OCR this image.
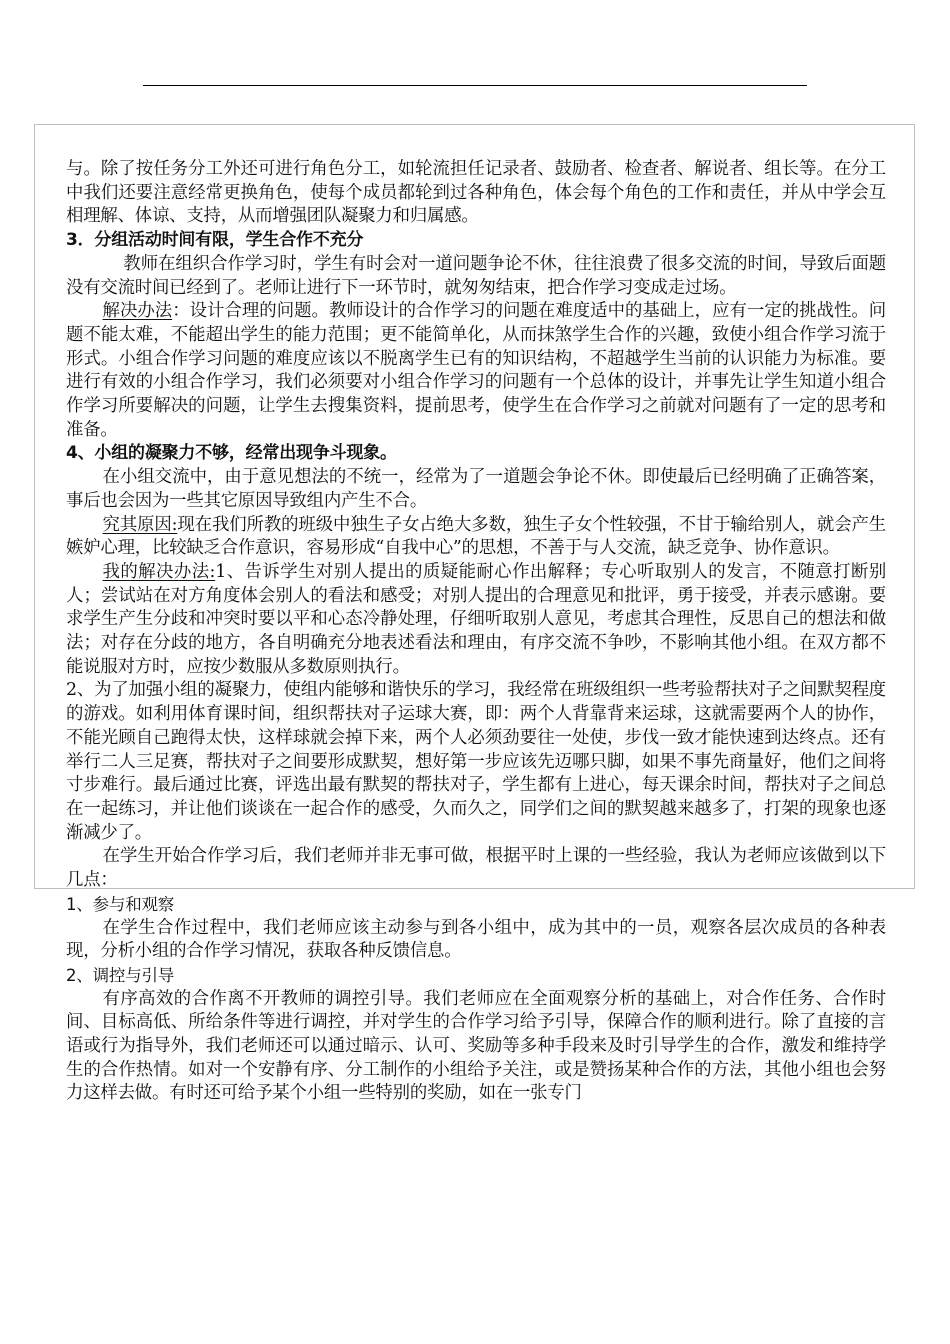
与。除了按任务分工外还可进行角色分工，如轮流担任记录者、鼓励者、检查者、解说者、组长等。在分工中我们还要注意经常更换角色，使每个成员都轮到过各种角色，体会每个角色的工作和责任，并从中学会互相理解、体谅、支持，从而增强团队凝聚力和归属感。

3．分组活动时间有限，学生合作不充分

教师在组织合作学习时，学生有时会对一道问题争论不休，往往浪费了很多交流的时间，导致后面题没有交流时间已经到了。老师让进行下一环节时，就匆匆结束，把合作学习变成走过场。

解决办法：设计合理的问题。教师设计的合作学习的问题在难度适中的基础上，应有一定的挑战性。问题不能太难，不能超出学生的能力范围；更不能简单化，从而抹煞学生合作的兴趣，致使小组合作学习流于形式。小组合作学习问题的难度应该以不脱离学生已有的知识结构，不超越学生当前的认识能力为标准。要进行有效的小组合作学习，我们必须要对小组合作学习的问题有一个总体的设计，并事先让学生知道小组合作学习所要解决的问题，让学生去搜集资料，提前思考，使学生在合作学习之前就对问题有了一定的思考和准备。

4、小组的凝聚力不够，经常出现争斗现象。

在小组交流中，由于意见想法的不统一，经常为了一道题会争论不休。即使最后已经明确了正确答案，事后也会因为一些其它原因导致组内产生不合。

究其原因:现在我们所教的班级中独生子女占绝大多数，独生子女个性较强，不甘于输给别人，就会产生嫉妒心理，比较缺乏合作意识，容易形成“自我中心”的思想，不善于与人交流，缺乏竞争、协作意识。

我的解决办法:1、告诉学生对别人提出的质疑能耐心作出解释；专心听取别人的发言，不随意打断别人；尝试站在对方角度体会别人的看法和感受；对别人提出的合理意见和批评，勇于接受，并表示感谢。要求学生产生分歧和冲突时要以平和心态冷静处理，仔细听取别人意见，考虑其合理性，反思自己的想法和做法；对存在分歧的地方，各自明确充分地表述看法和理由，有序交流不争吵，不影响其他小组。在双方都不能说服对方时，应按少数服从多数原则执行。

2、为了加强小组的凝聚力，使组内能够和谐快乐的学习，我经常在班级组织一些考验帮扶对子之间默契程度的游戏。如利用体育课时间，组织帮扶对子运球大赛，即：两个人背靠背来运球，这就需要两个人的协作，不能光顾自己跑得太快，这样球就会掉下来，两个人必须劲要往一处使，步伐一致才能快速到达终点。还有举行二人三足赛，帮扶对子之间要形成默契，想好第一步应该先迈哪只脚，如果不事先商量好，他们之间将寸步难行。最后通过比赛，评选出最有默契的帮扶对子，学生都有上进心，每天课余时间，帮扶对子之间总在一起练习，并让他们谈谈在一起合作的感受，久而久之，同学们之间的默契越来越多了，打架的现象也逐渐减少了。

在学生开始合作学习后，我们老师并非无事可做，根据平时上课的一些经验，我认为老师应该做到以下几点：

1、参与和观察

在学生合作过程中，我们老师应该主动参与到各小组中，成为其中的一员，观察各层次成员的各种表现，分析小组的合作学习情况，获取各种反馈信息。

2、调控与引导

有序高效的合作离不开教师的调控引导。我们老师应在全面观察分析的基础上，对合作任务、合作时间、目标高低、所给条件等进行调控，并对学生的合作学习给予引导，保障合作的顺利进行。除了直接的言语或行为指导外，我们老师还可以通过暗示、认可、奖励等多种手段来及时引导学生的合作，激发和维持学生的合作热情。如对一个安静有序、分工制作的小组给予关注，或是赞扬某种合作的方法，其他小组也会努力这样去做。有时还可给予某个小组一些特别的奖励，如在一张专门
